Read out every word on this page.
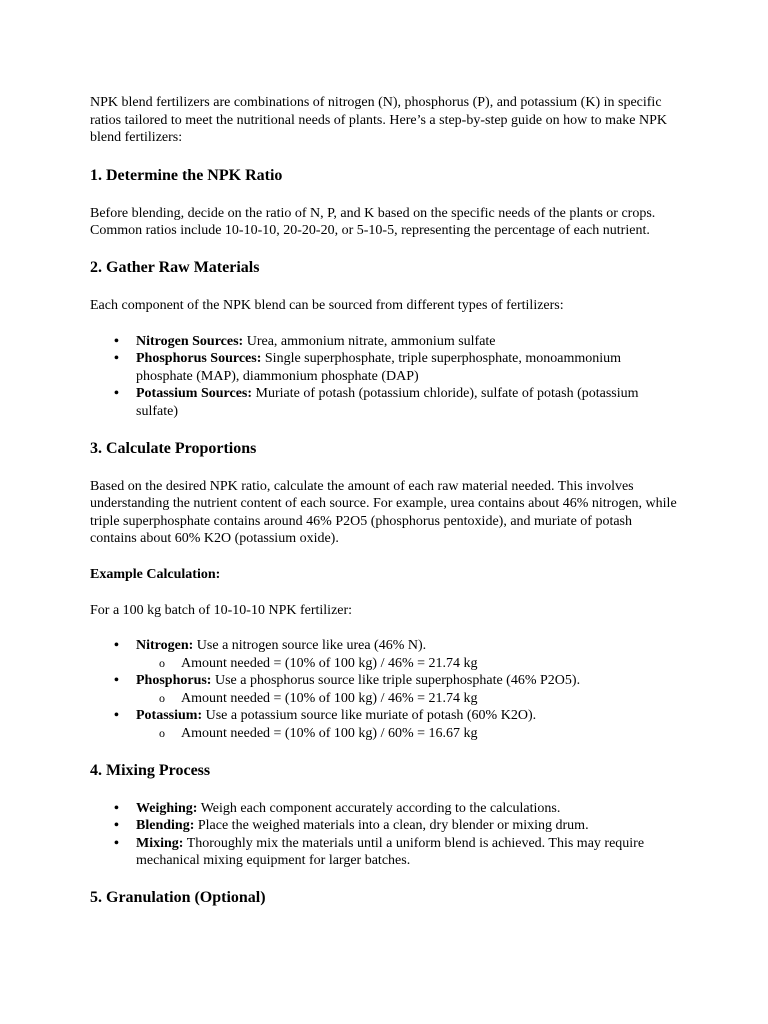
NPK blend fertilizers are combinations of nitrogen (N), phosphorus (P), and potassium (K) in specific ratios tailored to meet the nutritional needs of plants. Here’s a step-by-step guide on how to make NPK blend fertilizers:

1. Determine the NPK Ratio

Before blending, decide on the ratio of N, P, and K based on the specific needs of the plants or crops. Common ratios include 10-10-10, 20-20-20, or 5-10-5, representing the percentage of each nutrient.

2. Gather Raw Materials

Each component of the NPK blend can be sourced from different types of fertilizers:

• Nitrogen Sources: Urea, ammonium nitrate, ammonium sulfate
• Phosphorus Sources: Single superphosphate, triple superphosphate, monoammonium phosphate (MAP), diammonium phosphate (DAP)
• Potassium Sources: Muriate of potash (potassium chloride), sulfate of potash (potassium sulfate)
3. Calculate Proportions

Based on the desired NPK ratio, calculate the amount of each raw material needed. This involves understanding the nutrient content of each source. For example, urea contains about 46% nitrogen, while triple superphosphate contains around 46% P2O5 (phosphorus pentoxide), and muriate of potash contains about 60% K2O (potassium oxide).

Example Calculation:

For a 100 kg batch of 10-10-10 NPK fertilizer:

• Nitrogen: Use a nitrogen source like urea (46% N).
o Amount needed = (10% of 100 kg) / 46% = 21.74 kg
• Phosphorus: Use a phosphorus source like triple superphosphate (46% P2O5).
o Amount needed = (10% of 100 kg) / 46% = 21.74 kg
• Potassium: Use a potassium source like muriate of potash (60% K2O).
o Amount needed = (10% of 100 kg) / 60% = 16.67 kg
4. Mixing Process
• Weighing: Weigh each component accurately according to the calculations.
• Blending: Place the weighed materials into a clean, dry blender or mixing drum.
• Mixing: Thoroughly mix the materials until a uniform blend is achieved. This may require mechanical mixing equipment for larger batches.
5. Granulation (Optional)
